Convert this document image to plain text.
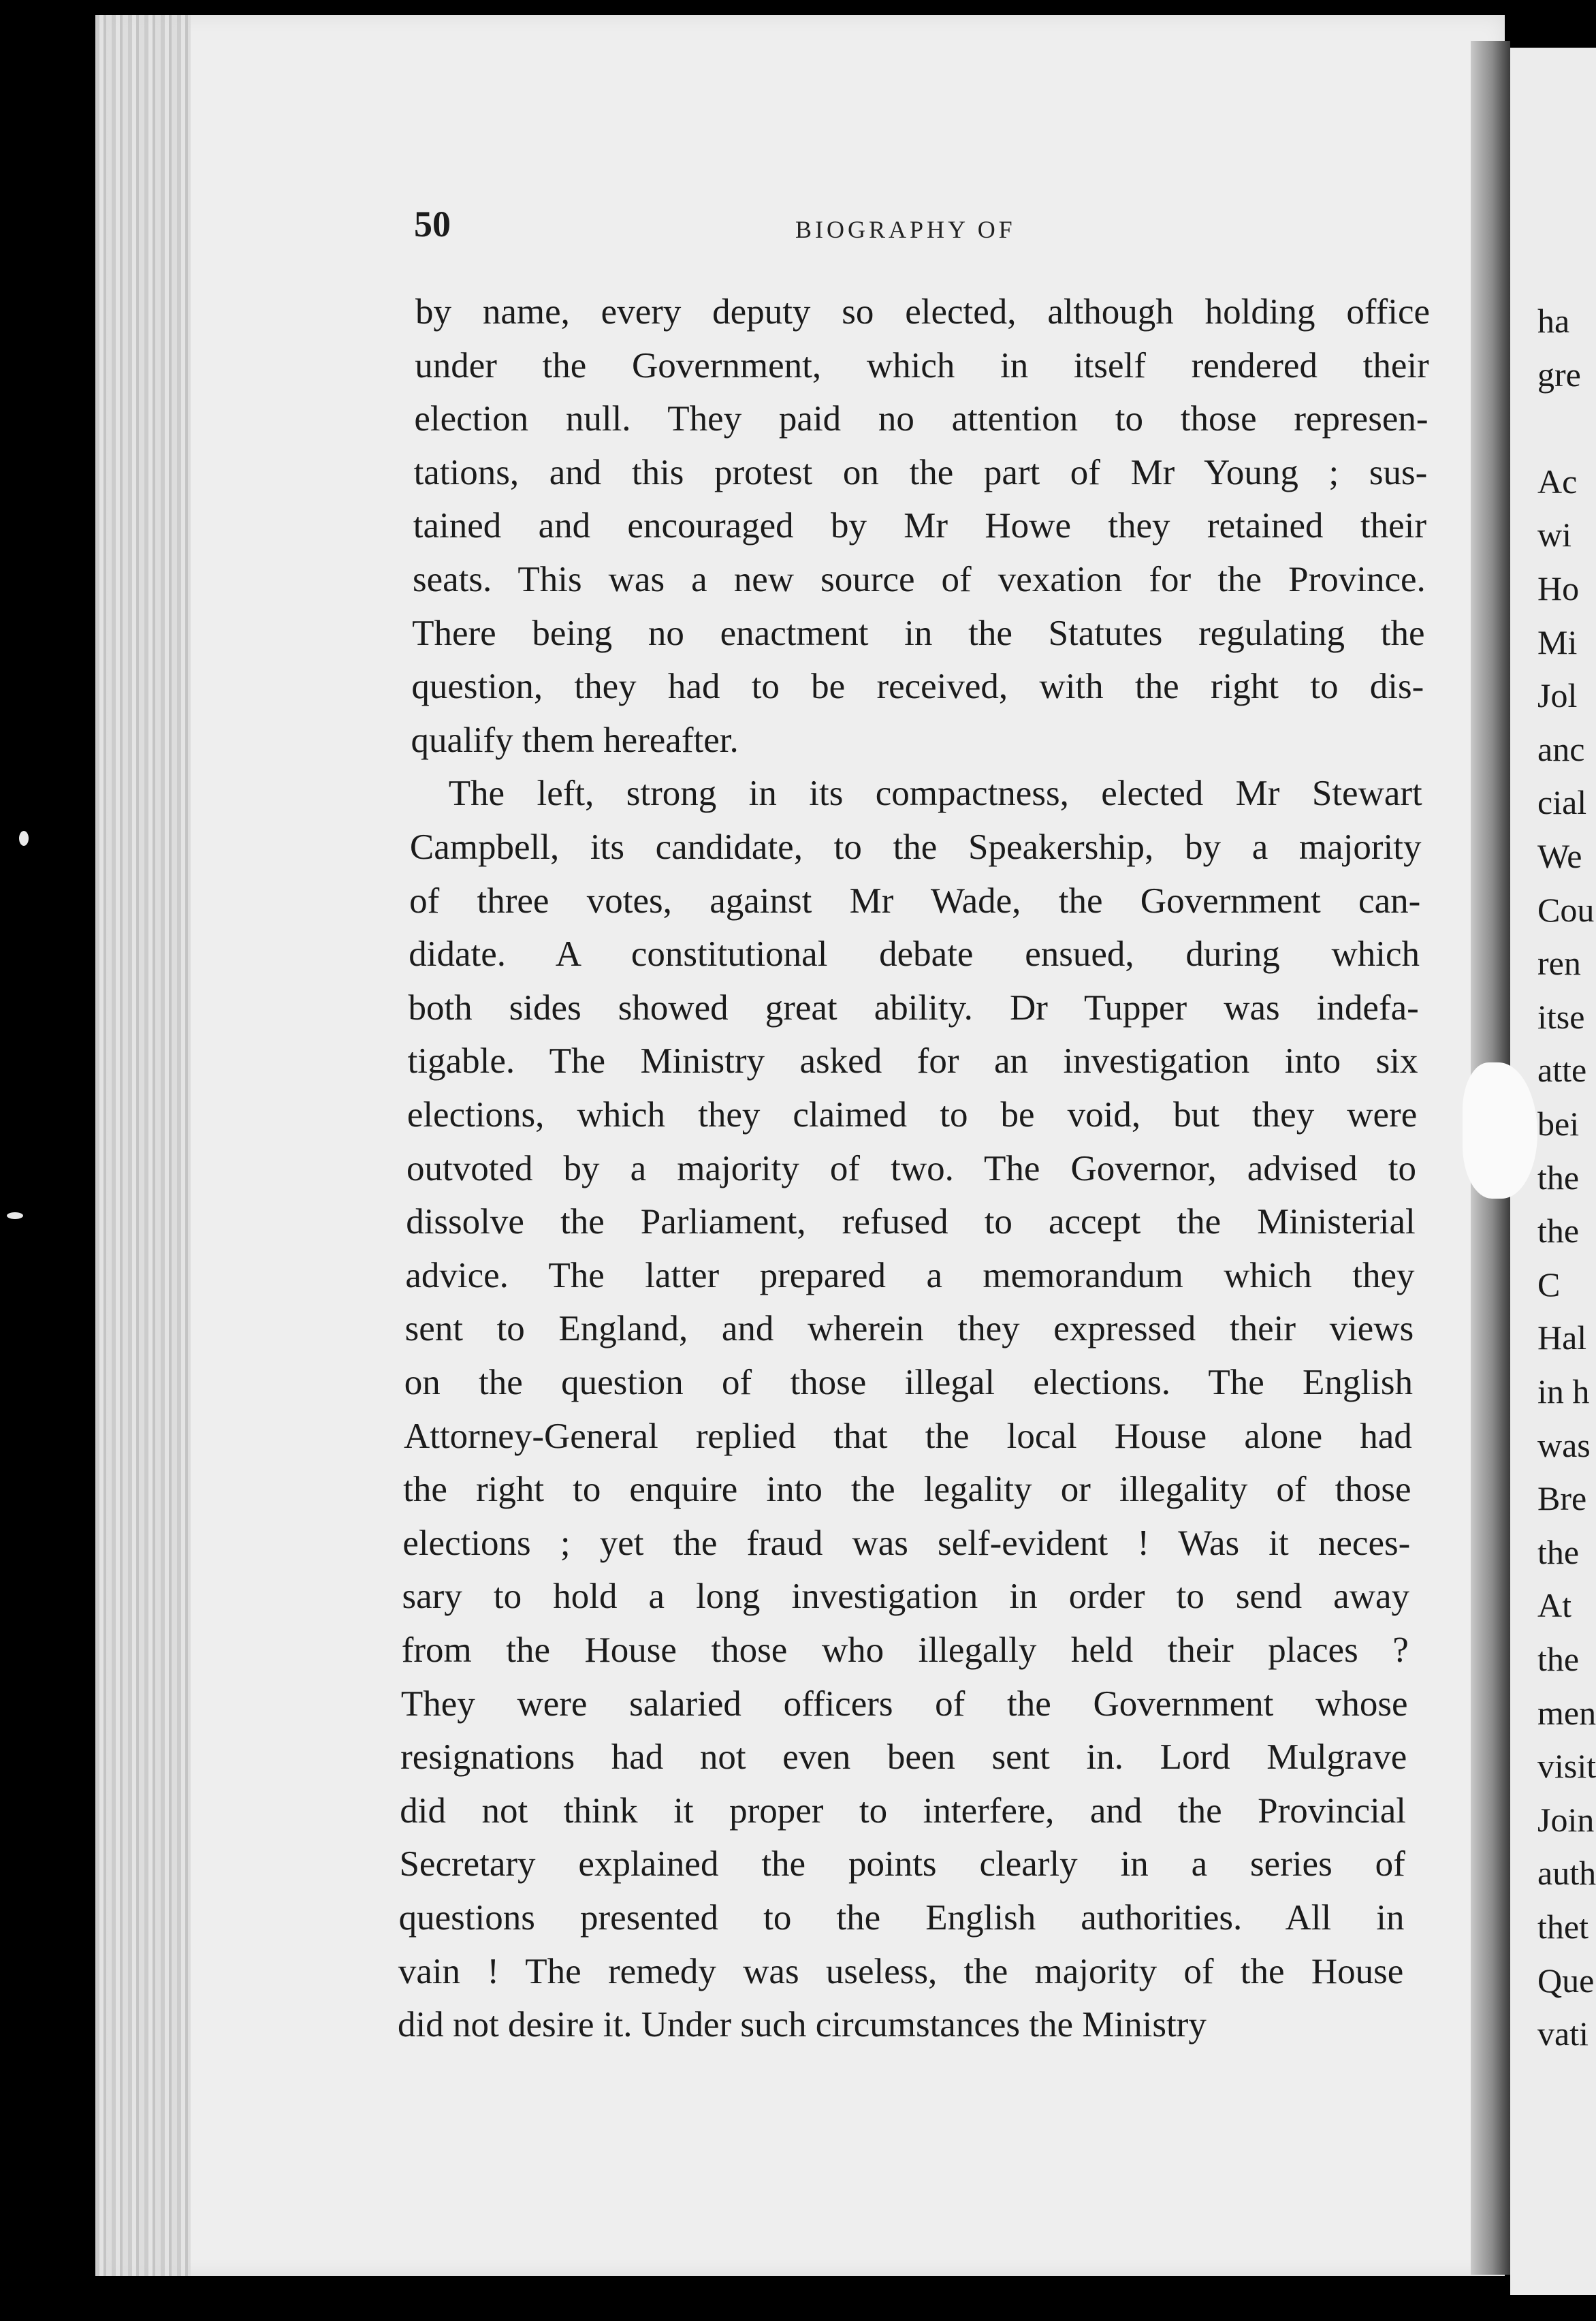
ha
gre
Ac
wi
Ho
Mi
Jol
anc
cial
We
Cou
ren
itse
atte
bei
the
the
C
Hal
in h
was
Bre
the
At
the
men
visit
Join
auth
thet
Que
vati
50	BIOGRAPHY OF
by name, every deputy so elected, although holding office
under the Government, which in itself rendered their
election null. They paid no attention to those represen-
tations, and this protest on the part of Mr Young ; sus-
tained and encouraged by Mr Howe they retained their
seats. This was a new source of vexation for the Province.
There being no enactment in the Statutes regulating the
question, they had to be received, with the right to dis-
qualify them hereafter.
The left, strong in its compactness, elected Mr Stewart
Campbell, its candidate, to the Speakership, by a majority
of three votes, against Mr Wade, the Government can-
didate. A constitutional debate ensued, during which
both sides showed great ability. Dr Tupper was indefa-
tigable. The Ministry asked for an investigation into six
elections, which they claimed to be void, but they were
outvoted by a majority of two. The Governor, advised to
dissolve the Parliament, refused to accept the Ministerial
advice. The latter prepared a memorandum which they
sent to England, and wherein they expressed their views
on the question of those illegal elections. The English
Attorney-General replied that the local House alone had
the right to enquire into the legality or illegality of those
elections ; yet the fraud was self-evident ! Was it neces-
sary to hold a long investigation in order to send away
from the House those who illegally held their places ?
They were salaried officers of the Government whose
resignations had not even been sent in. Lord Mulgrave
did not think it proper to interfere, and the Provincial
Secretary explained the points clearly in a series of
questions presented to the English authorities. All in
vain ! The remedy was useless, the majority of the House
did not desire it. Under such circumstances the Ministry
